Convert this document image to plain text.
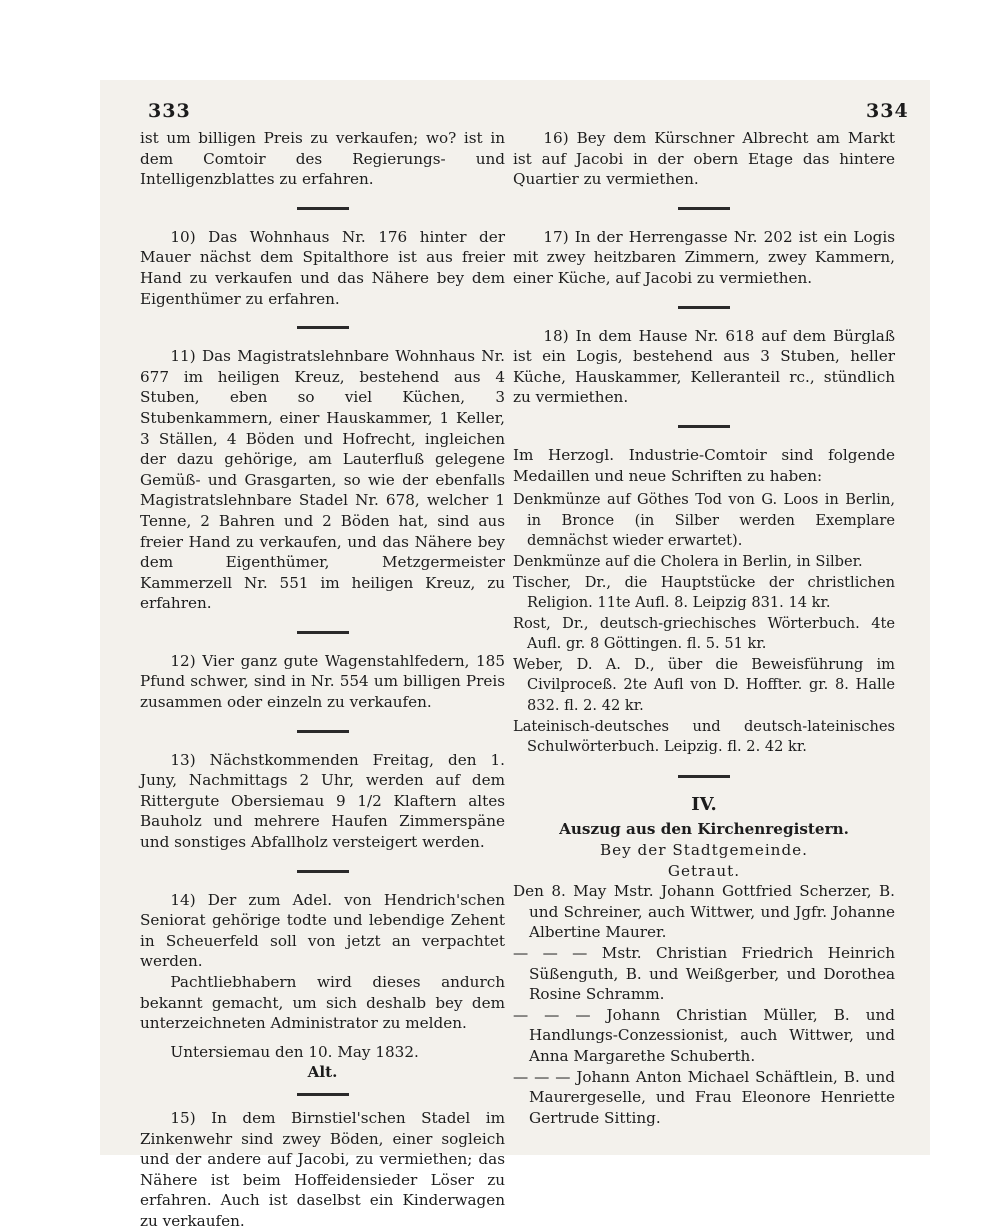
333	334

ist um billigen Preis zu verkaufen; wo? ist in dem Comtoir des Regierungs- und Intelligenzblattes zu erfahren.

10) Das Wohnhaus Nr. 176 hinter der Mauer nächst dem Spitalthore ist aus freier Hand zu verkaufen und das Nähere bey dem Eigenthümer zu erfahren.

11) Das Magistratslehnbare Wohnhaus Nr. 677 im heiligen Kreuz, bestehend aus 4 Stuben, eben so viel Küchen, 3 Stubenkammern, einer Hauskammer, 1 Keller, 3 Ställen, 4 Böden und Hofrecht, ingleichen der dazu gehörige, am Lauterfluß gelegene Gemüß- und Grasgarten, so wie der ebenfalls Magistratslehnbare Stadel Nr. 678, welcher 1 Tenne, 2 Bahren und 2 Böden hat, sind aus freier Hand zu verkaufen, und das Nähere bey dem Eigenthümer, Metzgermeister Kammerzell Nr. 551 im heiligen Kreuz, zu erfahren.

12) Vier ganz gute Wagenstahlfedern, 185 Pfund schwer, sind in Nr. 554 um billigen Preis zusammen oder einzeln zu verkaufen.

13) Nächstkommenden Freitag, den 1. Juny, Nachmittags 2 Uhr, werden auf dem Rittergute Obersiemau 9 1/2 Klaftern altes Bauholz und mehrere Haufen Zimmerspäne und sonstiges Abfallholz versteigert werden.

14) Der zum Adel. von Hendrich'schen Seniorat gehörige todte und lebendige Zehent in Scheuerfeld soll von jetzt an verpachtet werden.

Pachtliebhabern wird dieses andurch bekannt gemacht, um sich deshalb bey dem unterzeichneten Administrator zu melden.

Untersiemau den 10. May 1832.

Alt.

15) In dem Birnstiel'schen Stadel im Zinkenwehr sind zwey Böden, einer sogleich und der andere auf Jacobi, zu vermiethen; das Nähere ist beim Hoffeidensieder Löser zu erfahren. Auch ist daselbst ein Kinderwagen zu verkaufen.

16) Bey dem Kürschner Albrecht am Markt ist auf Jacobi in der obern Etage das hintere Quartier zu vermiethen.

17) In der Herrengasse Nr. 202 ist ein Logis mit zwey heitzbaren Zimmern, zwey Kammern, einer Küche, auf Jacobi zu vermiethen.

18) In dem Hause Nr. 618 auf dem Bürglaß ist ein Logis, bestehend aus 3 Stuben, heller Küche, Hauskammer, Kelleranteil rc., stündlich zu vermiethen.

Im Herzogl. Industrie-Comtoir sind folgende Medaillen und neue Schriften zu haben:

Denkmünze auf Göthes Tod von G. Loos in Berlin, in Bronce (in Silber werden Exemplare demnächst wieder erwartet).

Denkmünze auf die Cholera in Berlin, in Silber.

Tischer, Dr., die Hauptstücke der christlichen Religion. 11te Aufl. 8. Leipzig 831. 14 kr.

Rost, Dr., deutsch-griechisches Wörterbuch. 4te Aufl. gr. 8 Göttingen. fl. 5. 51 kr.

Weber, D. A. D., über die Beweisführung im Civilproceß. 2te Aufl von D. Hoffter. gr. 8. Halle 832. fl. 2. 42 kr.

Lateinisch-deutsches und deutsch-lateinisches Schulwörterbuch. Leipzig. fl. 2. 42 kr.

IV.

Auszug aus den Kirchenregistern.

Bey der Stadtgemeinde.

Getraut.

Den 8. May Mstr. Johann Gottfried Scherzer, B. und Schreiner, auch Wittwer, und Jgfr. Johanne Albertine Maurer.

— — — Mstr. Christian Friedrich Heinrich Süßenguth, B. und Weißgerber, und Dorothea Rosine Schramm.

— — — Johann Christian Müller, B. und Handlungs-Conzessionist, auch Wittwer, und Anna Margarethe Schuberth.

— — — Johann Anton Michael Schäftlein, B. und Maurergeselle, und Frau Eleonore Henriette Gertrude Sitting.
